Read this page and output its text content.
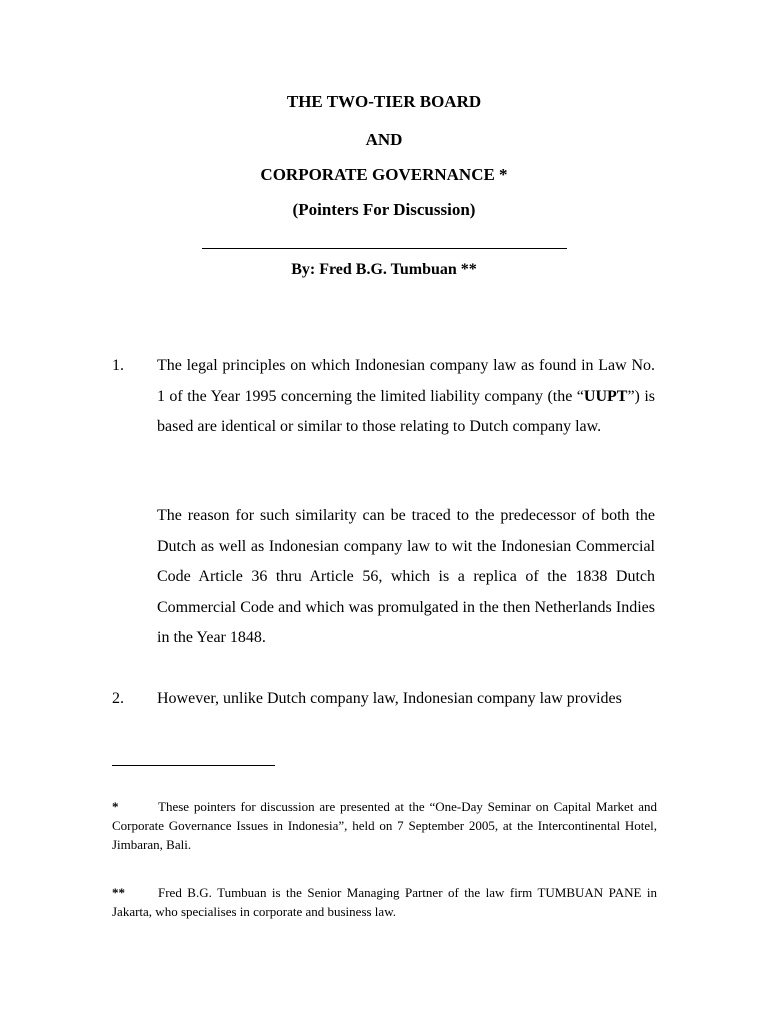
THE TWO-TIER BOARD

AND

CORPORATE GOVERNANCE *

(Pointers For Discussion)

By: Fred B.G. Tumbuan **
1. The legal principles on which Indonesian company law as found in Law No. 1 of the Year 1995 concerning the limited liability company (the “UUPT”) is based are identical or similar to those relating to Dutch company law.
The reason for such similarity can be traced to the predecessor of both the Dutch as well as Indonesian company law to wit the Indonesian Commercial Code Article 36 thru Article 56, which is a replica of the 1838 Dutch Commercial Code and which was promulgated in the then Netherlands Indies in the Year 1848.
2. However, unlike Dutch company law, Indonesian company law provides
*	These pointers for discussion are presented at the “One-Day Seminar on Capital Market and Corporate Governance Issues in Indonesia”, held on 7 September 2005, at the Intercontinental Hotel, Jimbaran, Bali.
**	Fred B.G. Tumbuan is the Senior Managing Partner of the law firm TUMBUAN PANE in Jakarta, who specialises in corporate and business law.
